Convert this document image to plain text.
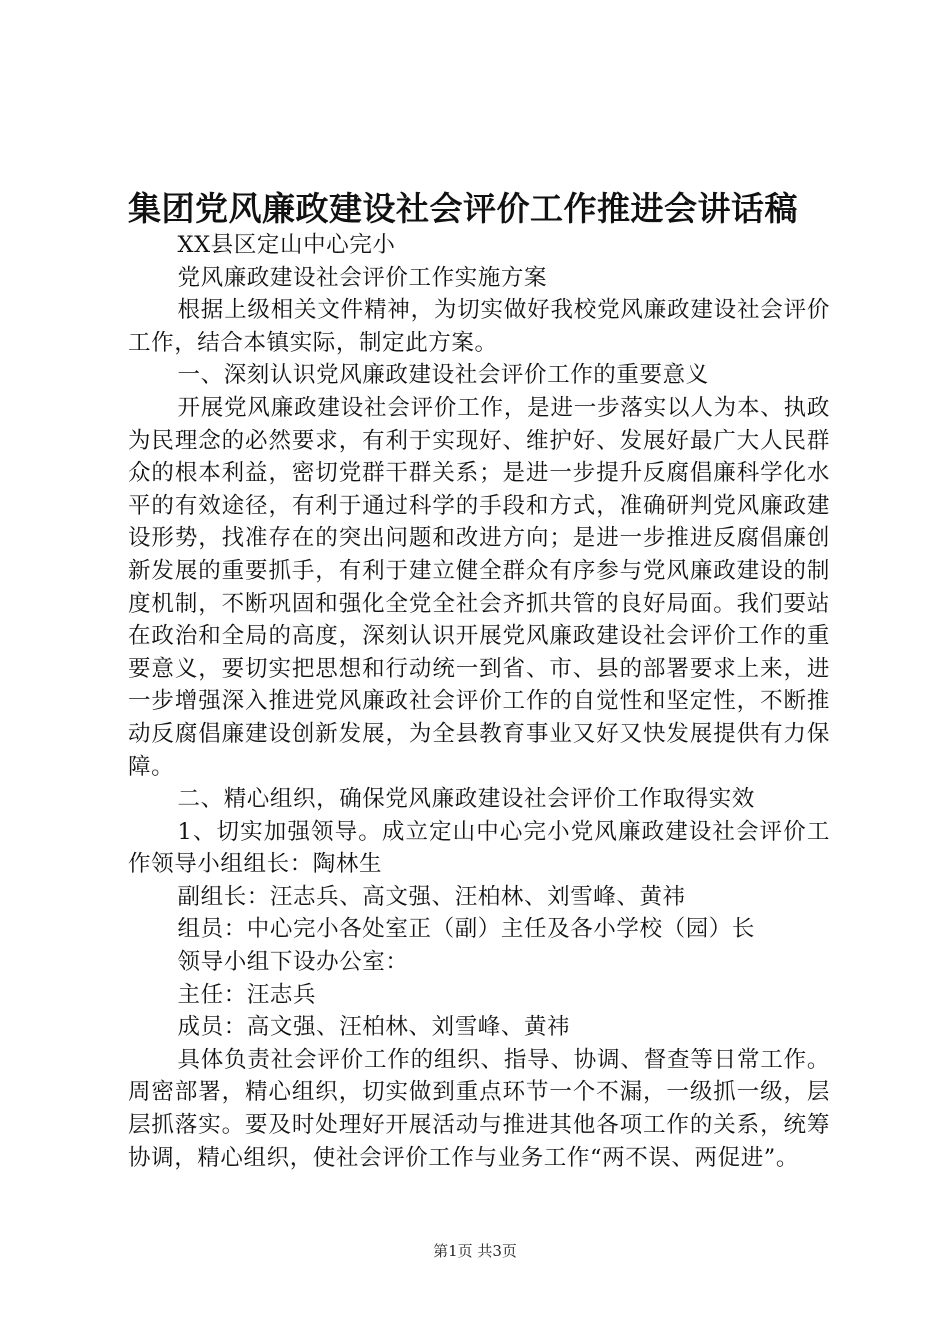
集团党风廉政建设社会评价工作推进会讲话稿

XX县区定山中心完小

党风廉政建设社会评价工作实施方案

根据上级相关文件精神，为切实做好我校党风廉政建设社会评价工作，结合本镇实际，制定此方案。

一、深刻认识党风廉政建设社会评价工作的重要意义

开展党风廉政建设社会评价工作，是进一步落实以人为本、执政为民理念的必然要求，有利于实现好、维护好、发展好最广大人民群众的根本利益，密切党群干群关系；是进一步提升反腐倡廉科学化水平的有效途径，有利于通过科学的手段和方式，准确研判党风廉政建设形势，找准存在的突出问题和改进方向；是进一步推进反腐倡廉创新发展的重要抓手，有利于建立健全群众有序参与党风廉政建设的制度机制，不断巩固和强化全党全社会齐抓共管的良好局面。我们要站在政治和全局的高度，深刻认识开展党风廉政建设社会评价工作的重要意义，要切实把思想和行动统一到省、市、县的部署要求上来，进一步增强深入推进党风廉政社会评价工作的自觉性和坚定性，不断推动反腐倡廉建设创新发展，为全县教育事业又好又快发展提供有力保障。

二、精心组织，确保党风廉政建设社会评价工作取得实效

1、切实加强领导。成立定山中心完小党风廉政建设社会评价工作领导小组组长：陶林生

副组长：汪志兵、高文强、汪柏林、刘雪峰、黄祎

组员：中心完小各处室正（副）主任及各小学校（园）长

领导小组下设办公室：

主任：汪志兵

成员：高文强、汪柏林、刘雪峰、黄祎

具体负责社会评价工作的组织、指导、协调、督查等日常工作。周密部署，精心组织，切实做到重点环节一个不漏，一级抓一级，层层抓落实。要及时处理好开展活动与推进其他各项工作的关系，统筹协调，精心组织，使社会评价工作与业务工作“两不误、两促进”。

第1页 共3页
